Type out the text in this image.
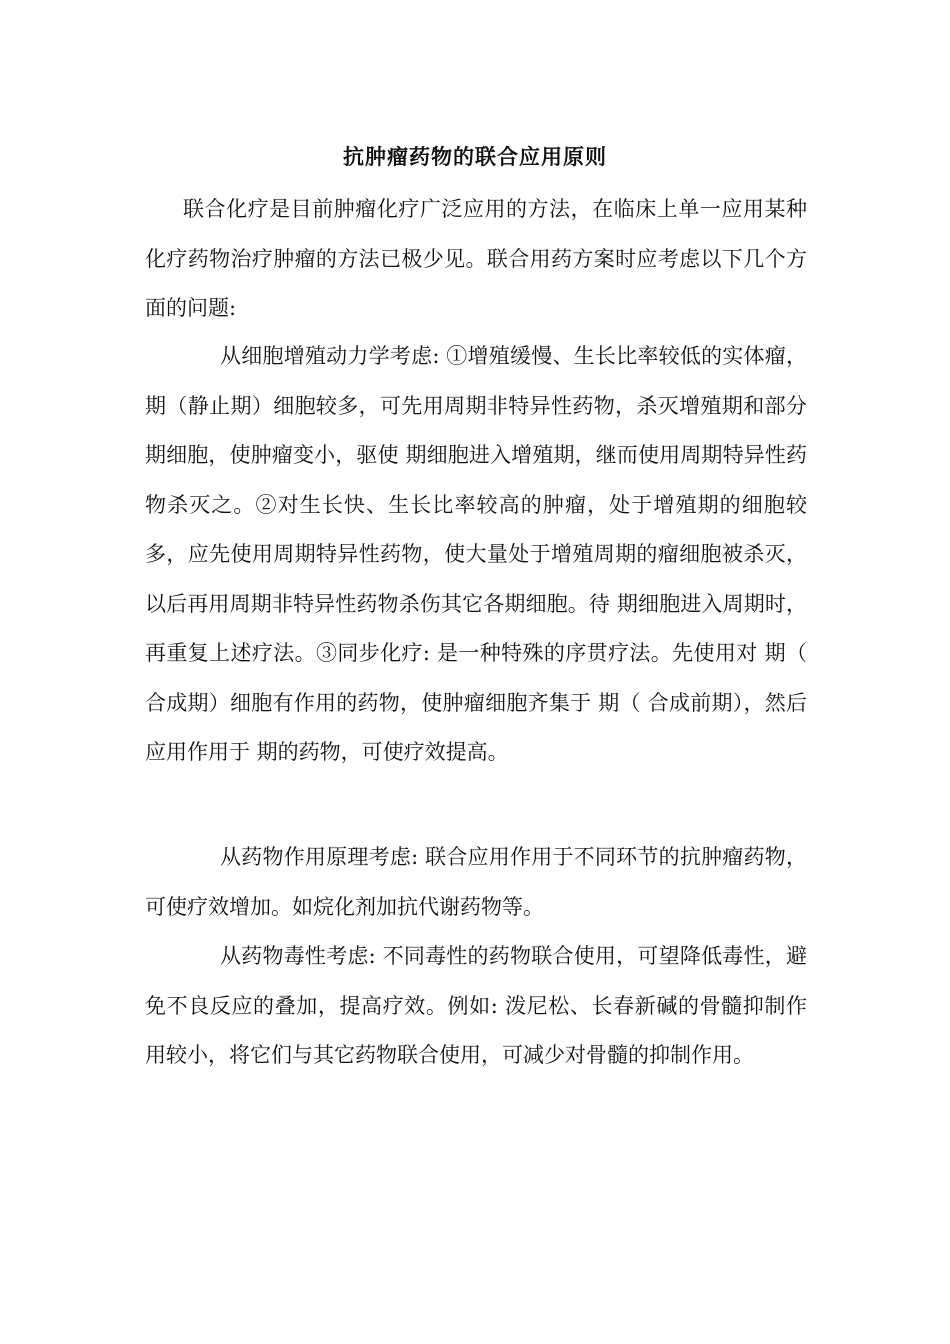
抗肿瘤药物的联合应用原则

联合化疗是目前肿瘤化疗广泛应用的方法，在临床上单一应用某种化疗药物治疗肿瘤的方法已极少见。联合用药方案时应考虑以下几个方面的问题:

从细胞增殖动力学考虑: ①增殖缓慢、生长比率较低的实体瘤， 期（静止期）细胞较多，可先用周期非特异性药物，杀灭增殖期和部分 期细胞，使肿瘤变小，驱使 期细胞进入增殖期，继而使用周期特异性药物杀灭之。②对生长快、生长比率较高的肿瘤，处于增殖期的细胞较多，应先使用周期特异性药物，使大量处于增殖周期的瘤细胞被杀灭，以后再用周期非特异性药物杀伤其它各期细胞。待 期细胞进入周期时，再重复上述疗法。③同步化疗: 是一种特殊的序贯疗法。先使用对 期（ 合成期）细胞有作用的药物，使肿瘤细胞齐集于 期（ 合成前期），然后应用作用于 期的药物，可使疗效提高。

从药物作用原理考虑: 联合应用作用于不同环节的抗肿瘤药物，可使疗效增加。如烷化剂加抗代谢药物等。

从药物毒性考虑: 不同毒性的药物联合使用，可望降低毒性，避免不良反应的叠加，提高疗效。例如: 泼尼松、长春新碱的骨髓抑制作用较小，将它们与其它药物联合使用，可减少对骨髓的抑制作用。
